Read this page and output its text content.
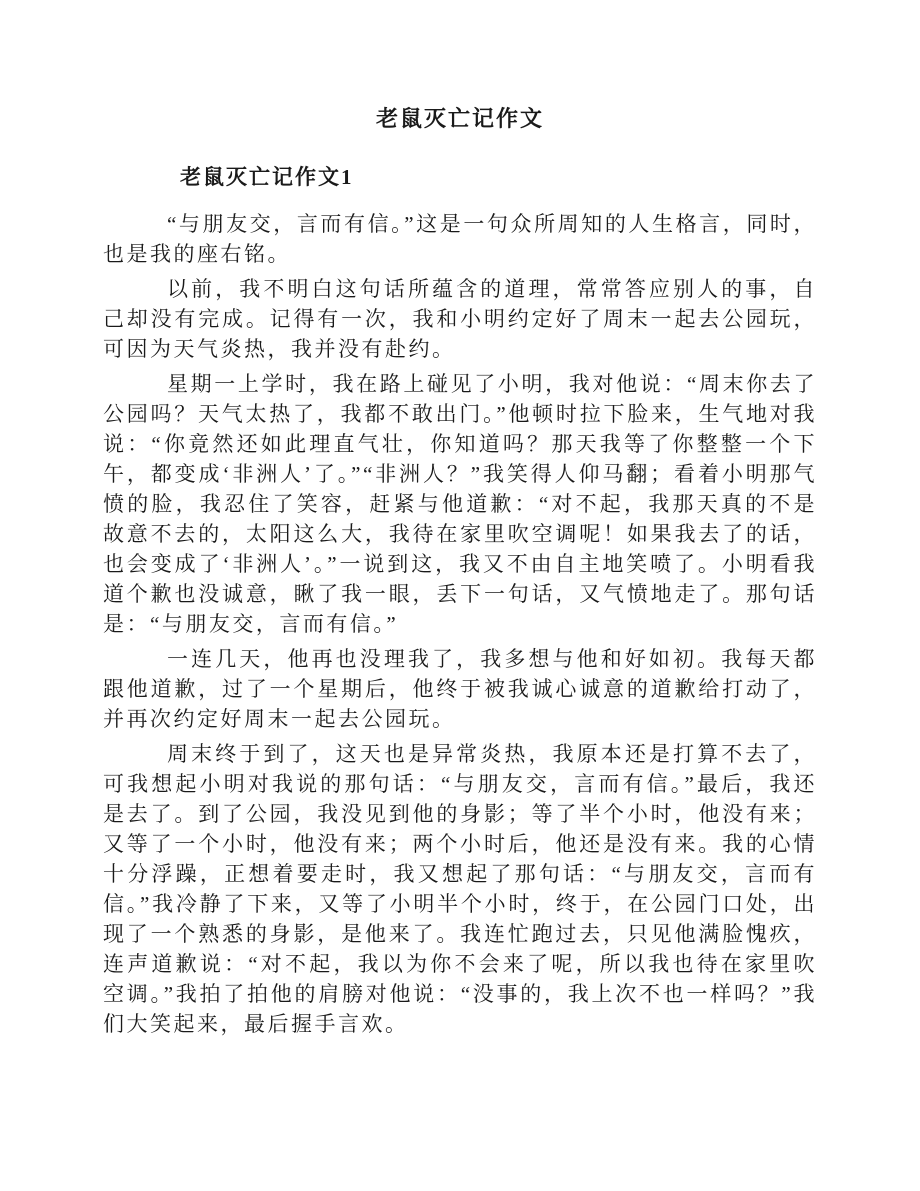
老鼠灭亡记作文
老鼠灭亡记作文1

“与朋友交，言而有信。”这是一句众所周知的人生格言，同时，也是我的座右铭。

以前，我不明白这句话所蕴含的道理，常常答应别人的事，自己却没有完成。记得有一次，我和小明约定好了周末一起去公园玩，可因为天气炎热，我并没有赴约。

星期一上学时，我在路上碰见了小明，我对他说：“周末你去了公园吗？天气太热了，我都不敢出门。”他顿时拉下脸来，生气地对我说：“你竟然还如此理直气壮，你知道吗？那天我等了你整整一个下午，都变成‘非洲人’了。”“非洲人？”我笑得人仰马翻；看着小明那气愤的脸，我忍住了笑容，赶紧与他道歉：“对不起，我那天真的不是故意不去的，太阳这么大，我待在家里吹空调呢！如果我去了的话，也会变成了‘非洲人’。”一说到这，我又不由自主地笑喷了。小明看我道个歉也没诚意，瞅了我一眼，丢下一句话，又气愤地走了。那句话是：“与朋友交，言而有信。”

一连几天，他再也没理我了，我多想与他和好如初。我每天都跟他道歉，过了一个星期后，他终于被我诚心诚意的道歉给打动了，并再次约定好周末一起去公园玩。

周末终于到了，这天也是异常炎热，我原本还是打算不去了，可我想起小明对我说的那句话：“与朋友交，言而有信。”最后，我还是去了。到了公园，我没见到他的身影；等了半个小时，他没有来；又等了一个小时，他没有来；两个小时后，他还是没有来。我的心情十分浮躁，正想着要走时，我又想起了那句话：“与朋友交，言而有信。”我冷静了下来，又等了小明半个小时，终于，在公园门口处，出现了一个熟悉的身影，是他来了。我连忙跑过去，只见他满脸愧疚，连声道歉说：“对不起，我以为你不会来了呢，所以我也待在家里吹空调。”我拍了拍他的肩膀对他说：“没事的，我上次不也一样吗？”我们大笑起来，最后握手言欢。
